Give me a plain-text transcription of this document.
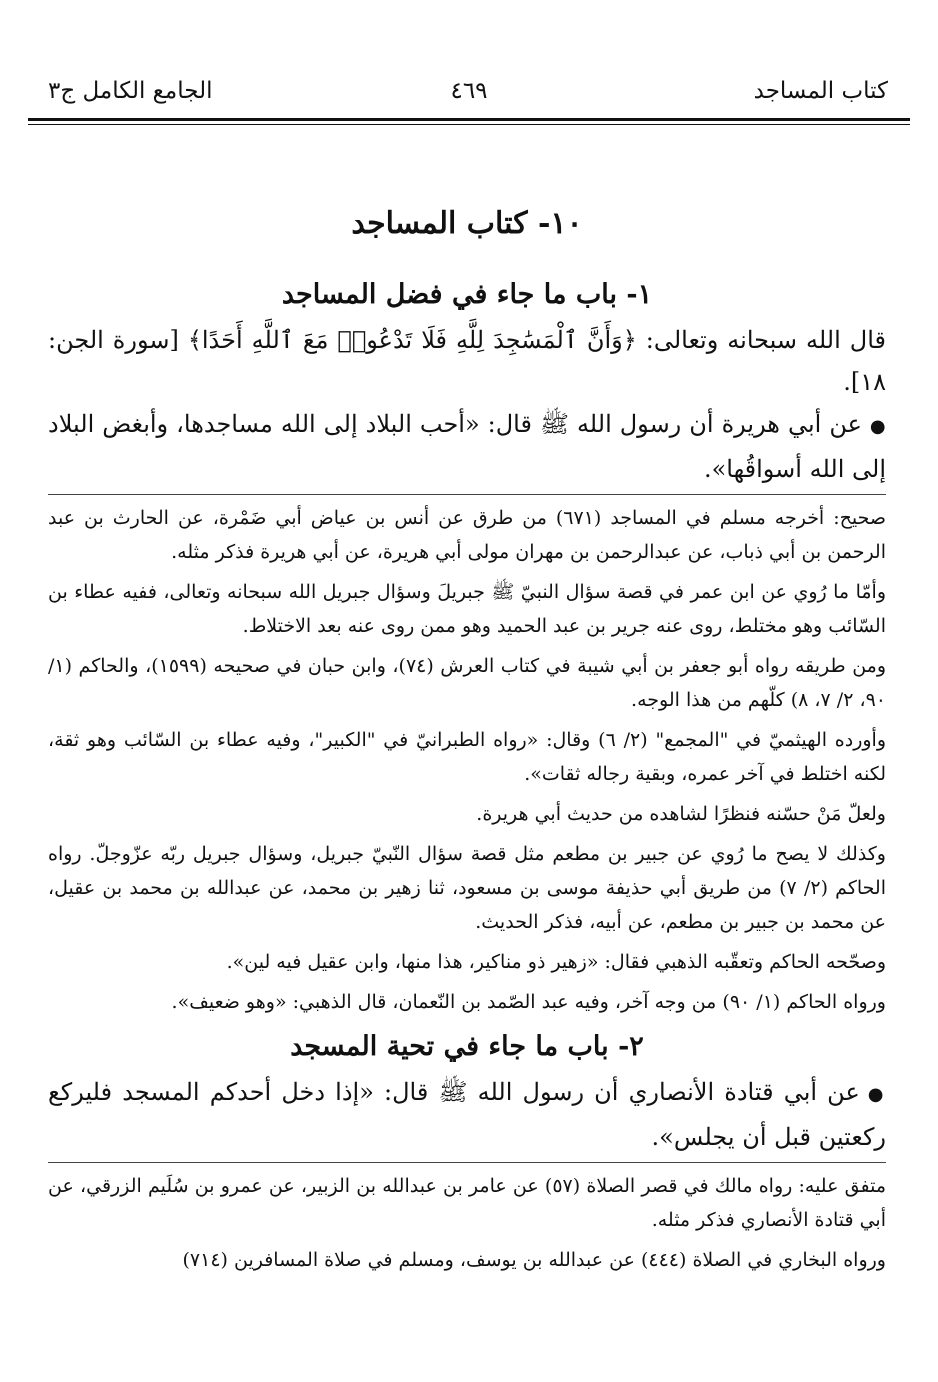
كتاب المساجد
٤٦٩
الجامع الكامل ج٣
١٠- كتاب المساجد
١- باب ما جاء في فضل المساجد

قال الله سبحانه وتعالى: ﴿وَأَنَّ ٱلْمَسَٰجِدَ لِلَّهِ فَلَا تَدْعُوا۟ مَعَ ٱللَّهِ أَحَدًا﴾ [سورة الجن: ١٨].

●عن أبي هريرة أن رسول الله ﷺ قال: «أحب البلاد إلى الله مساجدها، وأبغض البلاد إلى الله أسواقُها».

صحيح: أخرجه مسلم في المساجد (٦٧١) من طرق عن أنس بن عياض أبي ضَمْرة، عن الحارث بن عبد الرحمن بن أبي ذباب، عن عبدالرحمن بن مهران مولى أبي هريرة، عن أبي هريرة فذكر مثله.

وأمّا ما رُوي عن ابن عمر في قصة سؤال النبيّ ﷺ جبريلَ وسؤال جبريل الله سبحانه وتعالى، ففيه عطاء بن السّائب وهو مختلط، روى عنه جرير بن عبد الحميد وهو ممن روى عنه بعد الاختلاط.

ومن طريقه رواه أبو جعفر بن أبي شيبة في كتاب العرش (٧٤)، وابن حبان في صحيحه (١٥٩٩)، والحاكم (١/ ٩٠، ٢/ ٧، ٨) كلّهم من هذا الوجه.

وأورده الهيثميّ في "المجمع" (٢/ ٦) وقال: «رواه الطبرانيّ في "الكبير"، وفيه عطاء بن السّائب وهو ثقة، لكنه اختلط في آخر عمره، وبقية رجاله ثقات».

ولعلّ مَنْ حسّنه فنظرًا لشاهده من حديث أبي هريرة.

وكذلك لا يصح ما رُوي عن جبير بن مطعم مثل قصة سؤال النّبيّ جبريل، وسؤال جبريل ربّه عزّوجلّ. رواه الحاكم (٢/ ٧) من طريق أبي حذيفة موسى بن مسعود، ثنا زهير بن محمد، عن عبدالله بن محمد بن عقيل، عن محمد بن جبير بن مطعم، عن أبيه، فذكر الحديث.

وصحّحه الحاكم وتعقّبه الذهبي فقال: «زهير ذو مناكير، هذا منها، وابن عقيل فيه لين».

ورواه الحاكم (١/ ٩٠) من وجه آخر، وفيه عبد الصّمد بن النّعمان، قال الذهبي: «وهو ضعيف».

٢- باب ما جاء في تحية المسجد

●عن أبي قتادة الأنصاري أن رسول الله ﷺ قال: «إذا دخل أحدكم المسجد فليركع ركعتين قبل أن يجلس».

متفق عليه: رواه مالك في قصر الصلاة (٥٧) عن عامر بن عبدالله بن الزبير، عن عمرو بن سُلَيم الزرقي، عن أبي قتادة الأنصاري فذكر مثله.

ورواه البخاري في الصلاة (٤٤٤) عن عبدالله بن يوسف، ومسلم في صلاة المسافرين (٧١٤)
